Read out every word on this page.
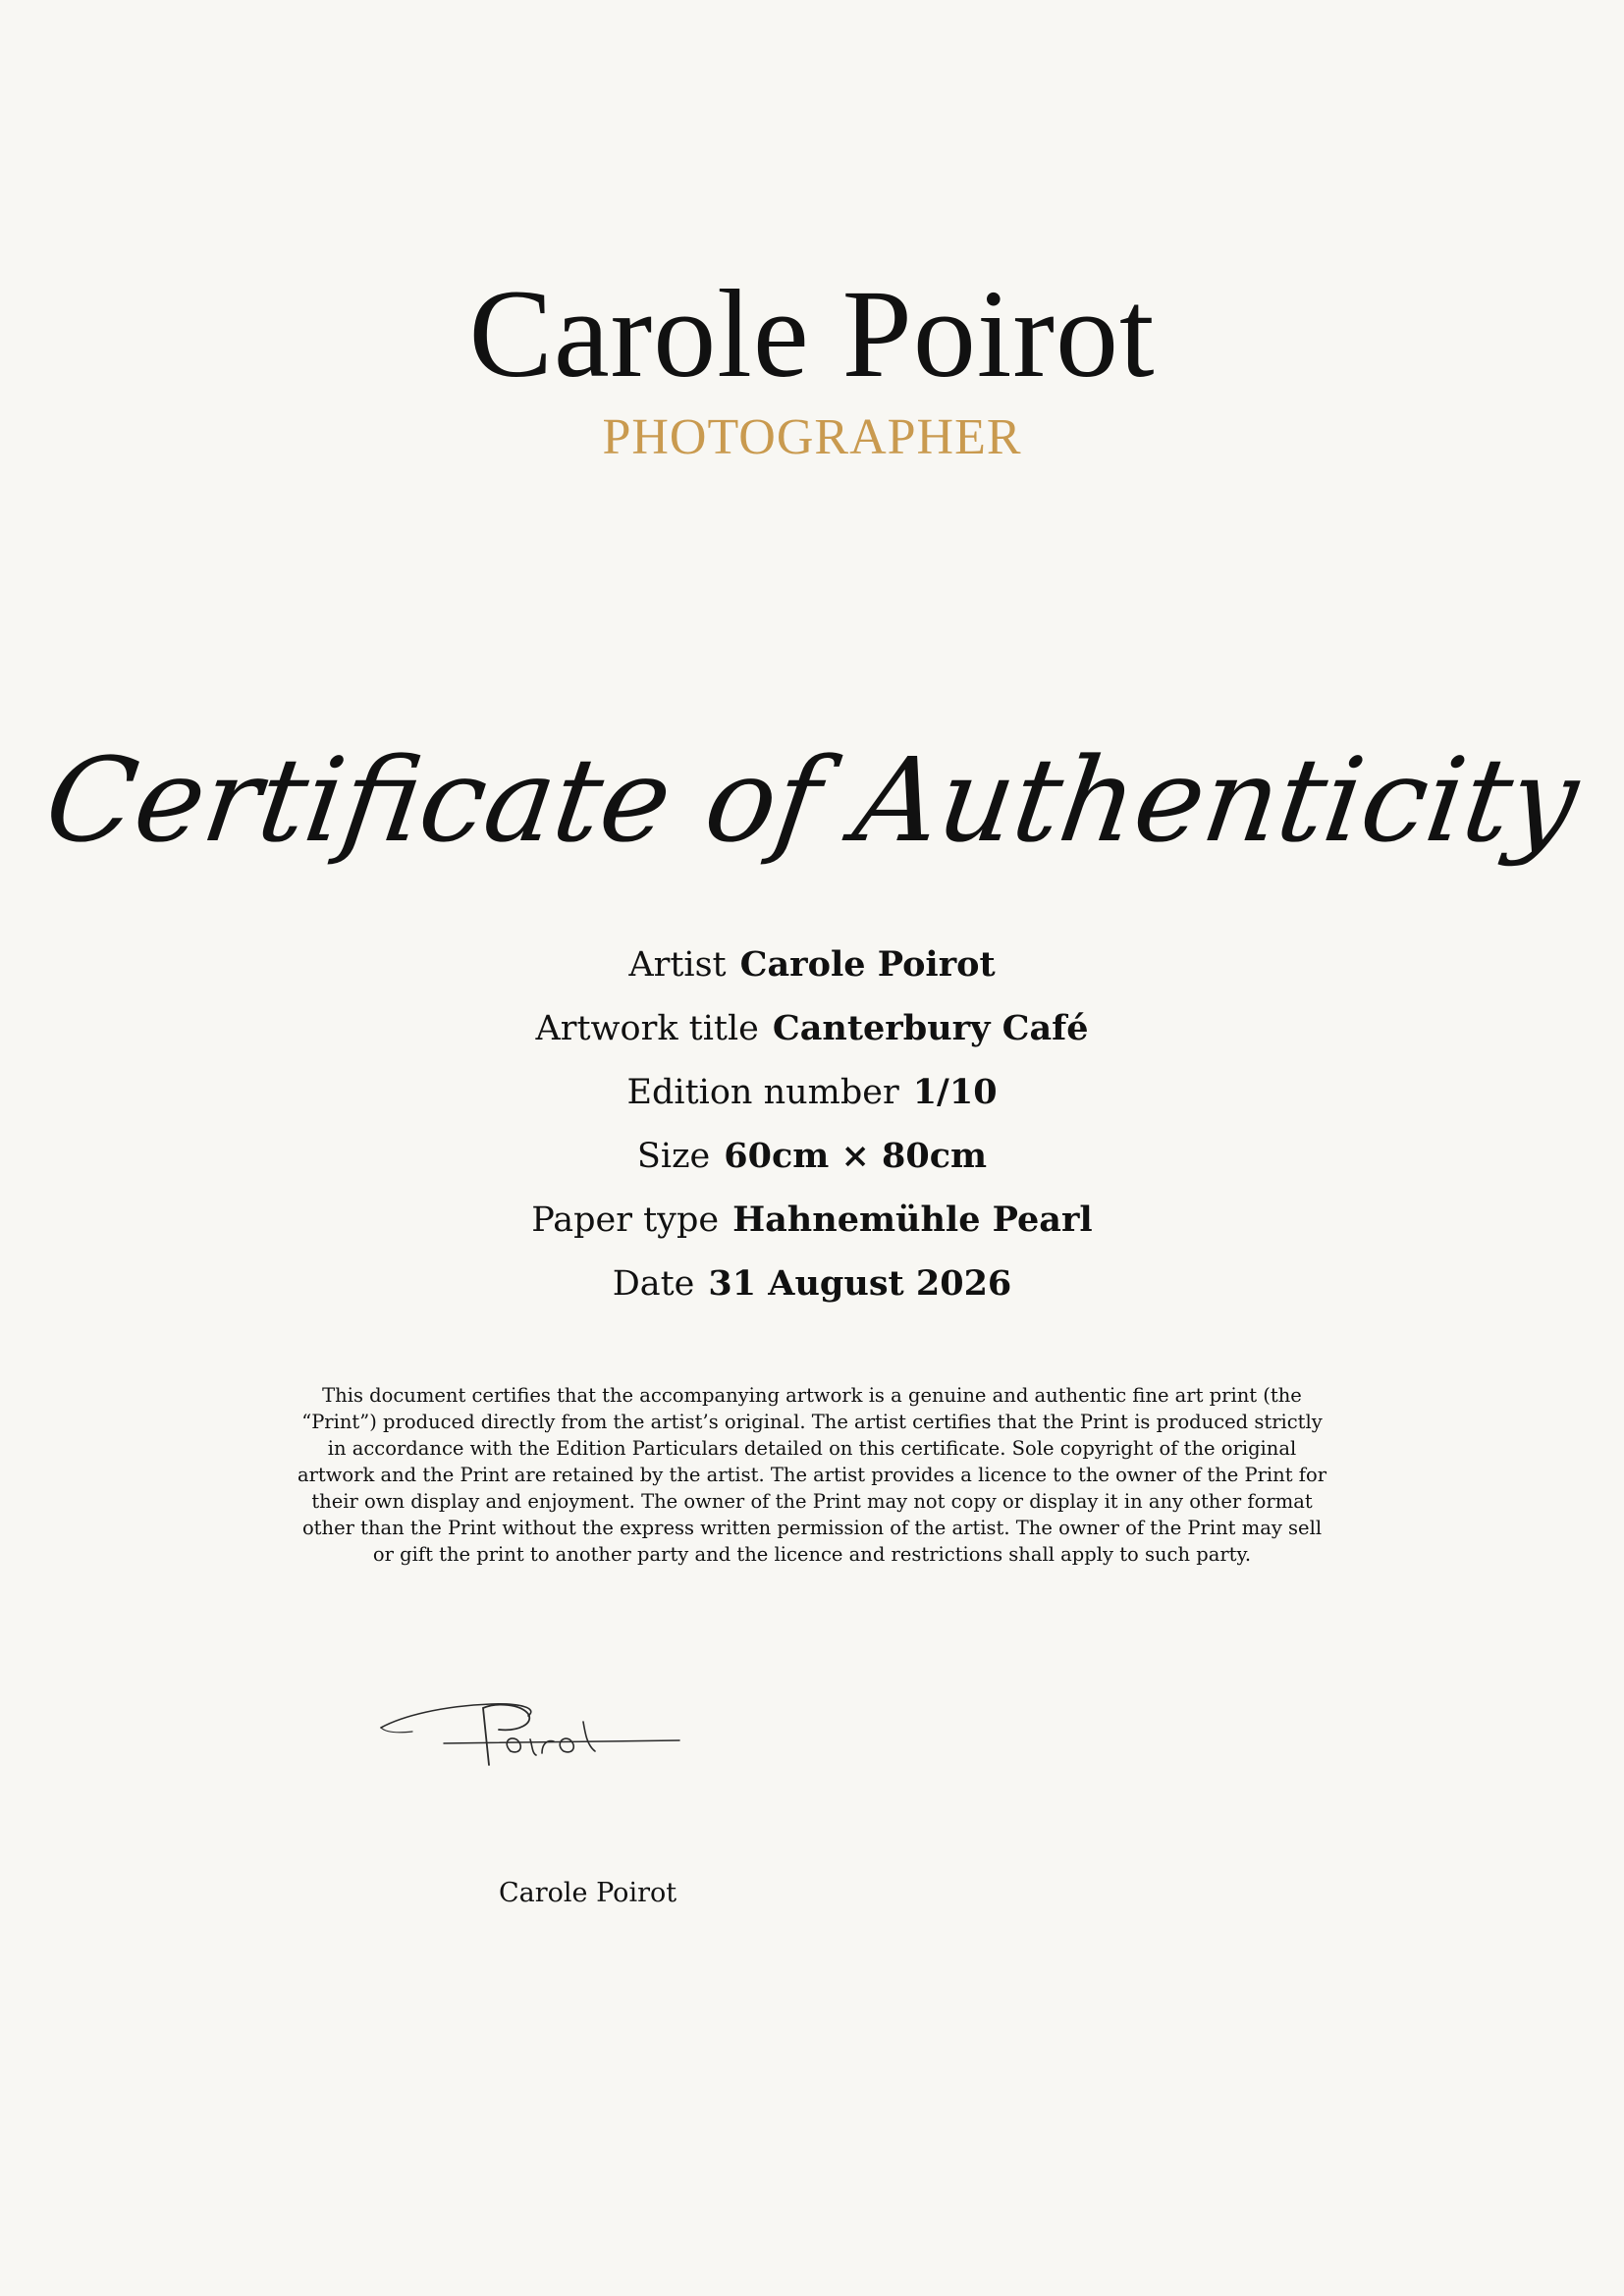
Carole Poirot
PHOTOGRAPHER
Certificate of Authenticity
Artist Carole Poirot
Artwork title Canterbury Café
Edition number 1/10
Size 60cm × 80cm
Paper type Hahnemühle Pearl
Date 31 August 2026
This document certifies that the accompanying artwork is a genuine and authentic fine art print (the “Print”) produced directly from the artist’s original. The artist certifies that the Print is produced strictly in accordance with the Edition Particulars detailed on this certificate. Sole copyright of the original artwork and the Print are retained by the artist. The artist provides a licence to the owner of the Print for their own display and enjoyment. The owner of the Print may not copy or display it in any other format other than the Print without the express written permission of the artist. The owner of the Print may sell or gift the print to another party and the licence and restrictions shall apply to such party.
Carole Poirot
